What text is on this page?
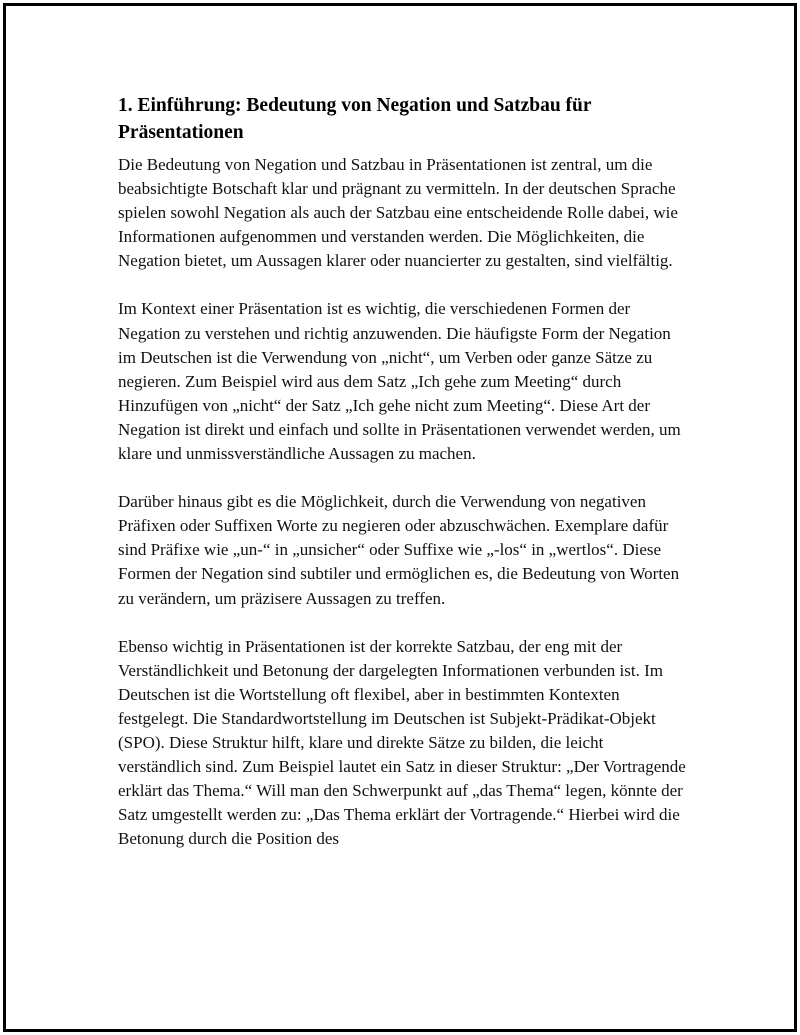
1. Einführung: Bedeutung von Negation und Satzbau für Präsentationen

Die Bedeutung von Negation und Satzbau in Präsentationen ist zentral, um die beabsichtigte Botschaft klar und prägnant zu vermitteln. In der deutschen Sprache spielen sowohl Negation als auch der Satzbau eine entscheidende Rolle dabei, wie Informationen aufgenommen und verstanden werden. Die Möglichkeiten, die Negation bietet, um Aussagen klarer oder nuancierter zu gestalten, sind vielfältig.

Im Kontext einer Präsentation ist es wichtig, die verschiedenen Formen der Negation zu verstehen und richtig anzuwenden. Die häufigste Form der Negation im Deutschen ist die Verwendung von „nicht“, um Verben oder ganze Sätze zu negieren. Zum Beispiel wird aus dem Satz „Ich gehe zum Meeting“ durch Hinzufügen von „nicht“ der Satz „Ich gehe nicht zum Meeting“. Diese Art der Negation ist direkt und einfach und sollte in Präsentationen verwendet werden, um klare und unmissverständliche Aussagen zu machen.

Darüber hinaus gibt es die Möglichkeit, durch die Verwendung von negativen Präfixen oder Suffixen Worte zu negieren oder abzuschwächen. Exemplare dafür sind Präfixe wie „un-“ in „unsicher“ oder Suffixe wie „-los“ in „wertlos“. Diese Formen der Negation sind subtiler und ermöglichen es, die Bedeutung von Worten zu verändern, um präzisere Aussagen zu treffen.

Ebenso wichtig in Präsentationen ist der korrekte Satzbau, der eng mit der Verständlichkeit und Betonung der dargelegten Informationen verbunden ist. Im Deutschen ist die Wortstellung oft flexibel, aber in bestimmten Kontexten festgelegt. Die Standardwortstellung im Deutschen ist Subjekt-Prädikat-Objekt (SPO). Diese Struktur hilft, klare und direkte Sätze zu bilden, die leicht verständlich sind. Zum Beispiel lautet ein Satz in dieser Struktur: „Der Vortragende erklärt das Thema.“ Will man den Schwerpunkt auf „das Thema“ legen, könnte der Satz umgestellt werden zu: „Das Thema erklärt der Vortragende.“ Hierbei wird die Betonung durch die Position des
